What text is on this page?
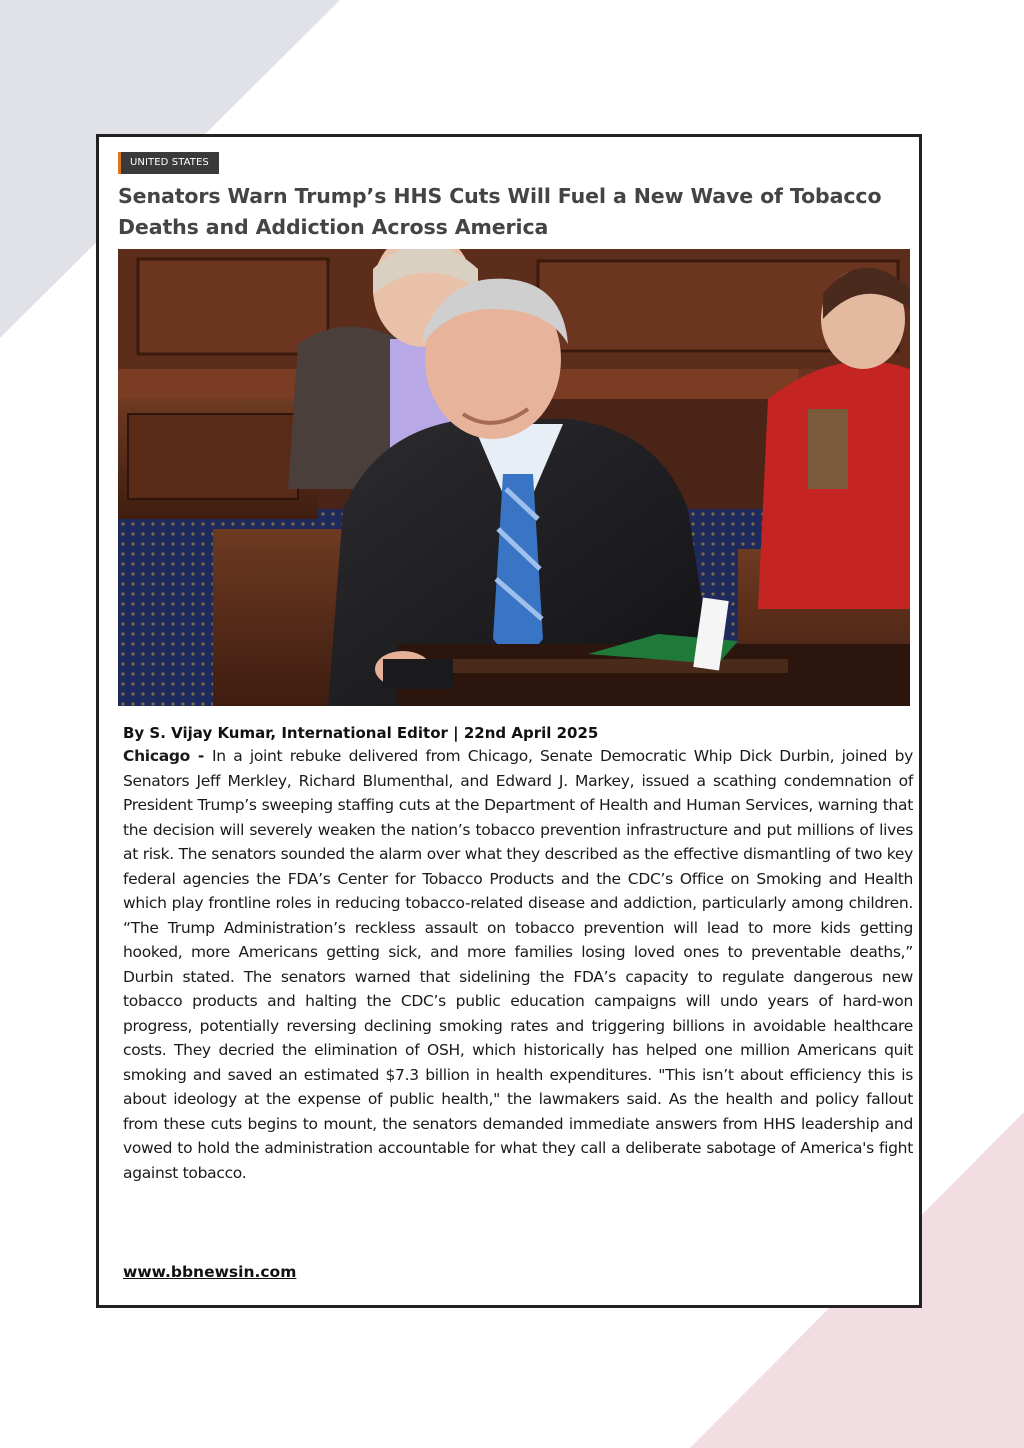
UNITED STATES
Senators Warn Trump’s HHS Cuts Will Fuel a New Wave of Tobacco Deaths and Addiction Across America

By S. Vijay Kumar, International Editor | 22nd April 2025

Chicago - In a joint rebuke delivered from Chicago, Senate Democratic Whip Dick Durbin, joined by Senators Jeff Merkley, Richard Blumenthal, and Edward J. Markey, issued a scathing condemnation of President Trump’s sweeping staffing cuts at the Department of Health and Human Services, warning that the decision will severely weaken the nation’s tobacco prevention infrastructure and put millions of lives at risk. The senators sounded the alarm over what they described as the effective dismantling of two key federal agencies the FDA’s Center for Tobacco Products and the CDC’s Office on Smoking and Health which play frontline roles in reducing tobacco-related disease and addiction, particularly among children. “The Trump Administration’s reckless assault on tobacco prevention will lead to more kids getting hooked, more Americans getting sick, and more families losing loved ones to preventable deaths,” Durbin stated. The senators warned that sidelining the FDA’s capacity to regulate dangerous new tobacco products and halting the CDC’s public education campaigns will undo years of hard-won progress, potentially reversing declining smoking rates and triggering billions in avoidable healthcare costs. They decried the elimination of OSH, which historically has helped one million Americans quit smoking and saved an estimated $7.3 billion in health expenditures. "This isn’t about efficiency this is about ideology at the expense of public health," the lawmakers said. As the health and policy fallout from these cuts begins to mount, the senators demanded immediate answers from HHS leadership and vowed to hold the administration accountable for what they call a deliberate sabotage of America's fight against tobacco.

www.bbnewsin.com
